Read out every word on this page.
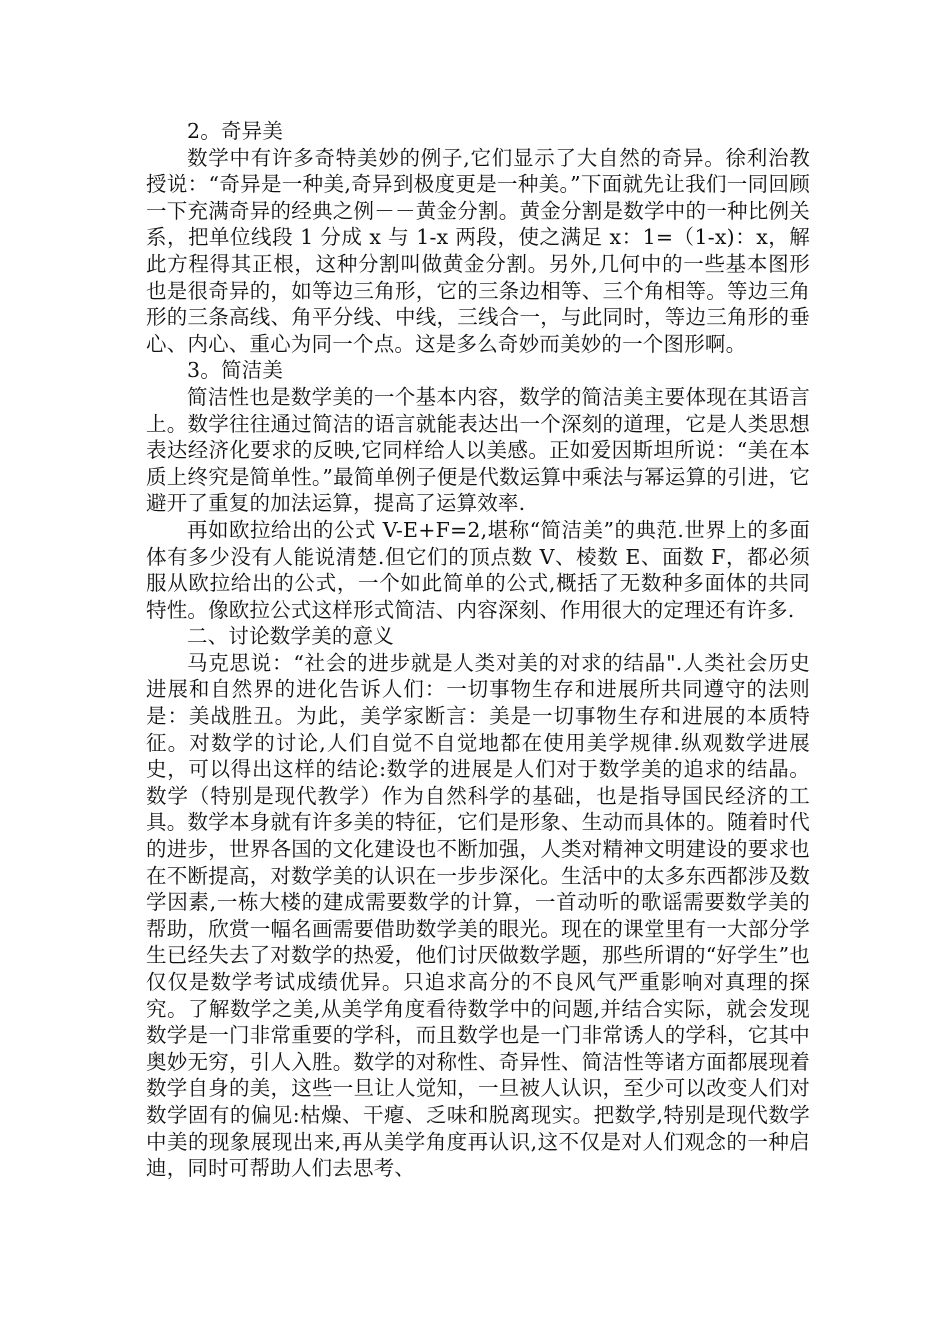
2。奇异美

数学中有许多奇特美妙的例子,它们显示了大自然的奇异。徐利治教授说：“奇异是一种美,奇异到极度更是一种美。”下面就先让我们一同回顾一下充满奇异的经典之例－－黄金分割。黄金分割是数学中的一种比例关系，把单位线段 1 分成 x 与 1-x 两段，使之满足 x：1=（1-x)：x，解此方程得其正根，这种分割叫做黄金分割。另外,几何中的一些基本图形也是很奇异的，如等边三角形，它的三条边相等、三个角相等。等边三角形的三条高线、角平分线、中线，三线合一，与此同时，等边三角形的垂心、内心、重心为同一个点。这是多么奇妙而美妙的一个图形啊。

3。简洁美

简洁性也是数学美的一个基本内容，数学的简洁美主要体现在其语言上。数学往往通过简洁的语言就能表达出一个深刻的道理，它是人类思想表达经济化要求的反映,它同样给人以美感。正如爱因斯坦所说：“美在本质上终究是简单性。”最简单例子便是代数运算中乘法与幂运算的引进，它避开了重复的加法运算，提高了运算效率.

再如欧拉给出的公式 V-E+F=2,堪称“简洁美”的典范.世界上的多面体有多少没有人能说清楚.但它们的顶点数 V、棱数 E、面数 F，都必须服从欧拉给出的公式，一个如此简单的公式,概括了无数种多面体的共同特性。像欧拉公式这样形式简洁、内容深刻、作用很大的定理还有许多.

二、讨论数学美的意义

马克思说：“社会的进步就是人类对美的对求的结晶".人类社会历史进展和自然界的进化告诉人们：一切事物生存和进展所共同遵守的法则是：美战胜丑。为此，美学家断言：美是一切事物生存和进展的本质特征。对数学的讨论,人们自觉不自觉地都在使用美学规律.纵观数学进展史，可以得出这样的结论:数学的进展是人们对于数学美的追求的结晶。数学（特别是现代教学）作为自然科学的基础，也是指导国民经济的工具。数学本身就有许多美的特征，它们是形象、生动而具体的。随着时代的进步，世界各国的文化建设也不断加强，人类对精神文明建设的要求也在不断提高，对数学美的认识在一步步深化。生活中的太多东西都涉及数学因素,一栋大楼的建成需要数学的计算，一首动听的歌谣需要数学美的帮助，欣赏一幅名画需要借助数学美的眼光。现在的课堂里有一大部分学生已经失去了对数学的热爱，他们讨厌做数学题，那些所谓的“好学生”也仅仅是数学考试成绩优异。只追求高分的不良风气严重影响对真理的探究。了解数学之美,从美学角度看待数学中的问题,并结合实际，就会发现数学是一门非常重要的学科，而且数学也是一门非常诱人的学科，它其中奥妙无穷，引人入胜。数学的对称性、奇异性、简洁性等诸方面都展现着数学自身的美，这些一旦让人觉知，一旦被人认识，至少可以改变人们对数学固有的偏见:枯燥、干瘪、乏味和脱离现实。把数学,特别是现代数学中美的现象展现出来,再从美学角度再认识,这不仅是对人们观念的一种启迪，同时可帮助人们去思考、
